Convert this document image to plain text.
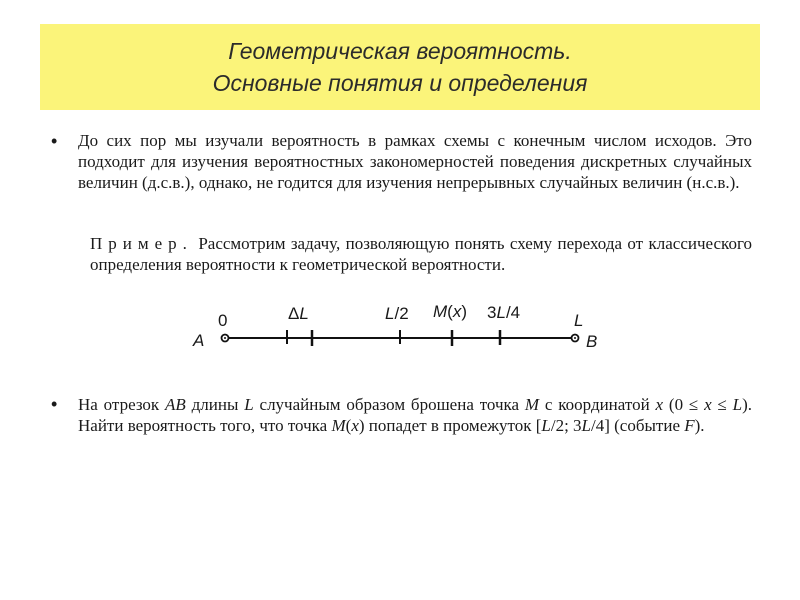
Геометрическая вероятность.
Основные понятия и определения
• До сих пор мы изучали вероятность в рамках схемы с конечным числом исходов. Это подходит для изучения вероятностных закономерностей поведения дискретных случайных величин (д.с.в.), однако, не годится для изучения непрерывных случайных величин (н.с.в.).
Пример. Рассмотрим задачу, позволяющую понять схему перехода от классического определения вероятности к геометрической вероятности.
0	ΔL	L/2 M(x) 3L/4	L
A	B
• На отрезок AB длины L случайным образом брошена точка M с координатой x (0 ≤ x ≤ L). Найти вероятность того, что точка M(x) попадет в промежуток [L/2; 3L/4] (событие F).
